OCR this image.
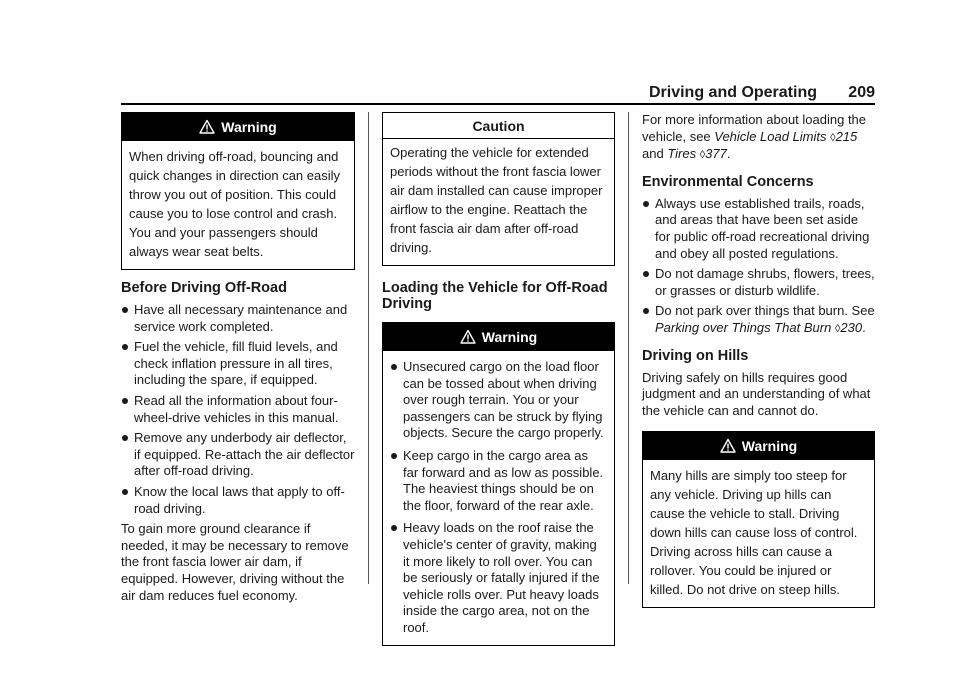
Driving and Operating 209
Warning
When driving off-road, bouncing and quick changes in direction can easily throw you out of position. This could cause you to lose control and crash. You and your passengers should always wear seat belts.
Before Driving Off-Road
Have all necessary maintenance and service work completed.
Fuel the vehicle, fill fluid levels, and check inflation pressure in all tires, including the spare, if equipped.
Read all the information about four-wheel-drive vehicles in this manual.
Remove any underbody air deflector, if equipped. Re-attach the air deflector after off-road driving.
Know the local laws that apply to off-road driving.

To gain more ground clearance if needed, it may be necessary to remove the front fascia lower air dam, if equipped. However, driving without the air dam reduces fuel economy.

Caution
Operating the vehicle for extended periods without the front fascia lower air dam installed can cause improper airflow to the engine. Reattach the front fascia air dam after off-road driving.
Loading the Vehicle for Off-Road Driving
Warning
Unsecured cargo on the load floor can be tossed about when driving over rough terrain. You or your passengers can be struck by flying objects. Secure the cargo properly.
Keep cargo in the cargo area as far forward and as low as possible. The heaviest things should be on the floor, forward of the rear axle.
Heavy loads on the roof raise the vehicle's center of gravity, making it more likely to roll over. You can be seriously or fatally injured if the vehicle rolls over. Put heavy loads inside the cargo area, not on the roof.

For more information about loading the vehicle, see Vehicle Load Limits ◊215 and Tires ◊377.

Environmental Concerns
Always use established trails, roads, and areas that have been set aside for public off-road recreational driving and obey all posted regulations.
Do not damage shrubs, flowers, trees, or grasses or disturb wildlife.
Do not park over things that burn. See Parking over Things That Burn ◊230.
Driving on Hills

Driving safely on hills requires good judgment and an understanding of what the vehicle can and cannot do.

Warning
Many hills are simply too steep for any vehicle. Driving up hills can cause the vehicle to stall. Driving down hills can cause loss of control. Driving across hills can cause a rollover. You could be injured or killed. Do not drive on steep hills.
